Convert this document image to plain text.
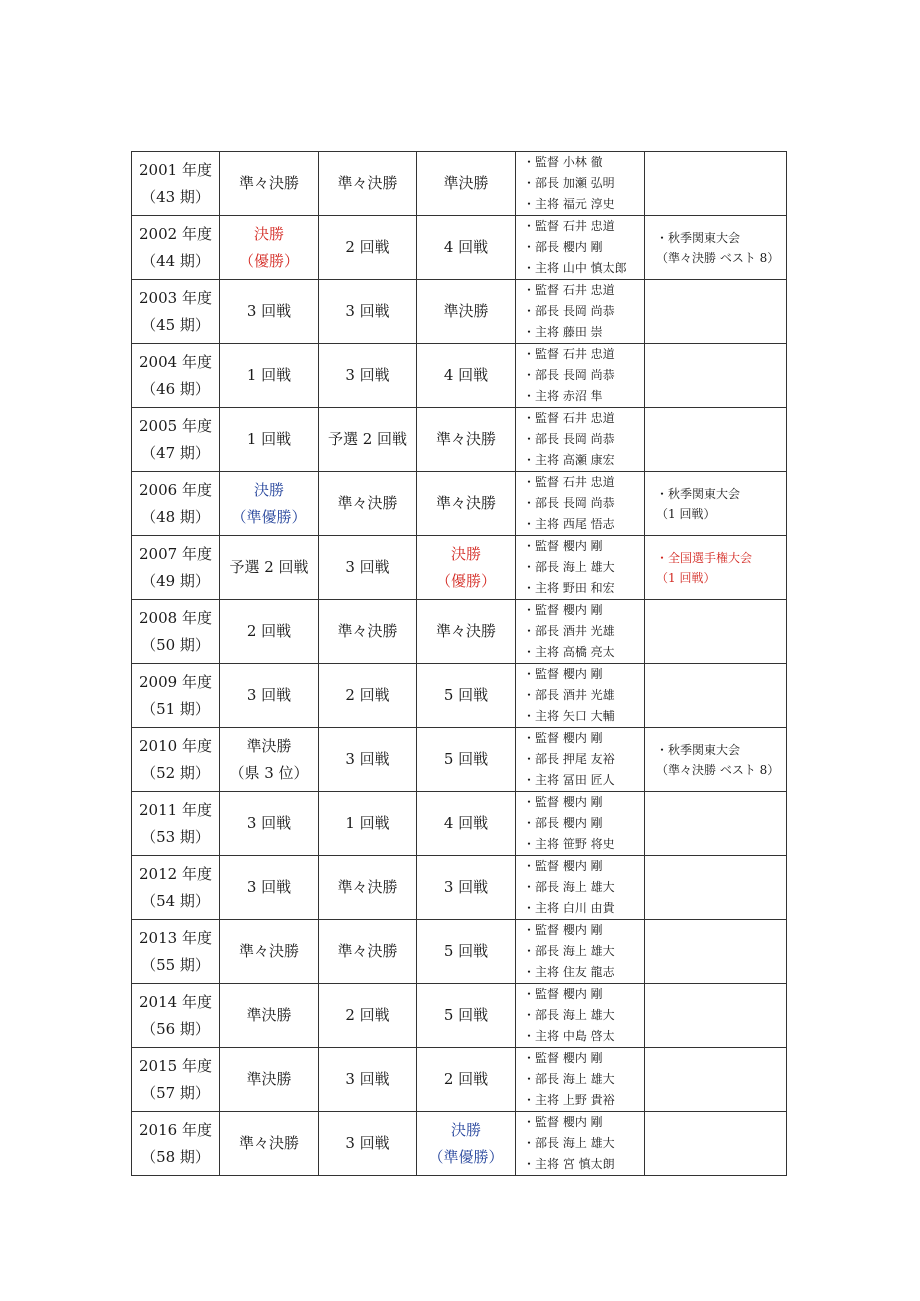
2001 年度
（43 期）	準々決勝	準々決勝	準決勝	・監督 小林 徹
・部長 加瀬 弘明
・主将 福元 淳史	

2002 年度
（44 期）	決勝
（優勝）	2 回戦	4 回戦	・監督 石井 忠道
・部長 櫻内 剛
・主将 山中 慎太郎	・秋季関東大会
（準々決勝 ベスト 8）

2003 年度
（45 期）	3 回戦	3 回戦	準決勝	・監督 石井 忠道
・部長 長岡 尚恭
・主将 藤田 崇	

2004 年度
（46 期）	1 回戦	3 回戦	4 回戦	・監督 石井 忠道
・部長 長岡 尚恭
・主将 赤沼 隼	

2005 年度
（47 期）	1 回戦	予選 2 回戦	準々決勝	・監督 石井 忠道
・部長 長岡 尚恭
・主将 高瀬 康宏	

2006 年度
（48 期）	決勝
（準優勝）	準々決勝	準々決勝	・監督 石井 忠道
・部長 長岡 尚恭
・主将 西尾 悟志	・秋季関東大会
（1 回戦）

2007 年度
（49 期）	予選 2 回戦	3 回戦	決勝
（優勝）	・監督 櫻内 剛
・部長 海上 雄大
・主将 野田 和宏	・全国選手権大会
（1 回戦）

2008 年度
（50 期）	2 回戦	準々決勝	準々決勝	・監督 櫻内 剛
・部長 酒井 光雄
・主将 高橋 亮太	

2009 年度
（51 期）	3 回戦	2 回戦	5 回戦	・監督 櫻内 剛
・部長 酒井 光雄
・主将 矢口 大輔	

2010 年度
（52 期）	準決勝
（県 3 位）	3 回戦	5 回戦	・監督 櫻内 剛
・部長 押尾 友裕
・主将 冨田 匠人	・秋季関東大会
（準々決勝 ベスト 8）

2011 年度
（53 期）	3 回戦	1 回戦	4 回戦	・監督 櫻内 剛
・部長 櫻内 剛
・主将 笹野 将史	

2012 年度
（54 期）	3 回戦	準々決勝	3 回戦	・監督 櫻内 剛
・部長 海上 雄大
・主将 白川 由貴	

2013 年度
（55 期）	準々決勝	準々決勝	5 回戦	・監督 櫻内 剛
・部長 海上 雄大
・主将 住友 龍志	

2014 年度
（56 期）	準決勝	2 回戦	5 回戦	・監督 櫻内 剛
・部長 海上 雄大
・主将 中島 啓太	

2015 年度
（57 期）	準決勝	3 回戦	2 回戦	・監督 櫻内 剛
・部長 海上 雄大
・主将 上野 貴裕	

2016 年度
（58 期）	準々決勝	3 回戦	決勝
（準優勝）	・監督 櫻内 剛
・部長 海上 雄大
・主将 宮 慎太朗	
